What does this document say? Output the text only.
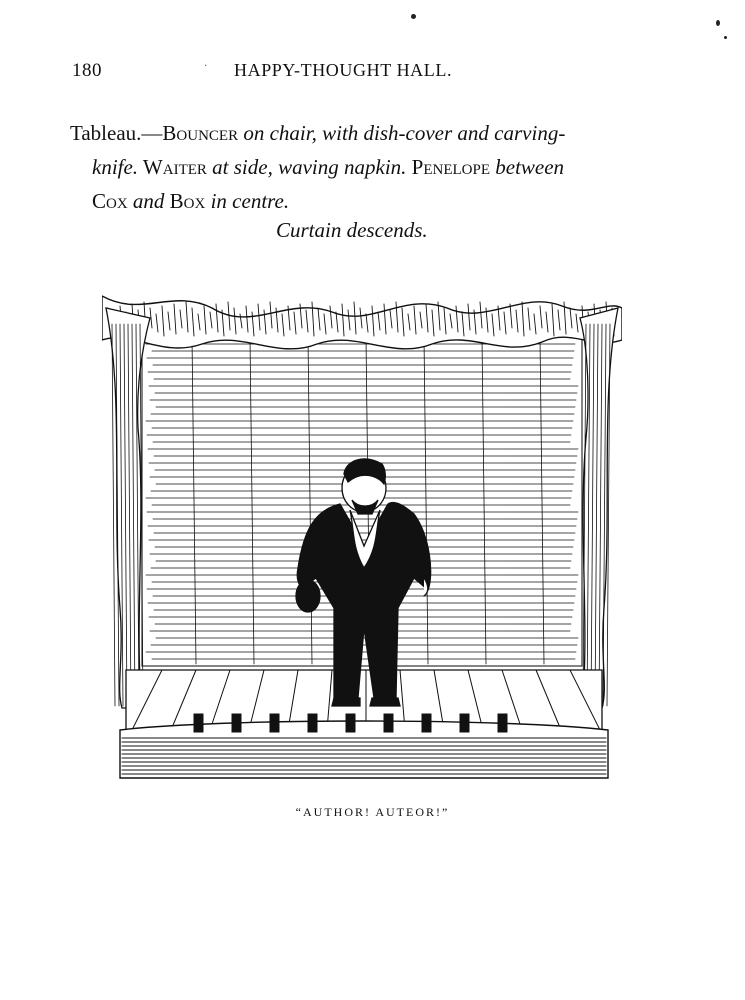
180	· HAPPY-THOUGHT HALL.
Tableau.—Bouncer on chair, with dish-cover and carving-
knife. Waiter at side, waving napkin. Penelope between
Cox and Box in centre.
Curtain descends.
“AUTHOR! AUTEOR!”
